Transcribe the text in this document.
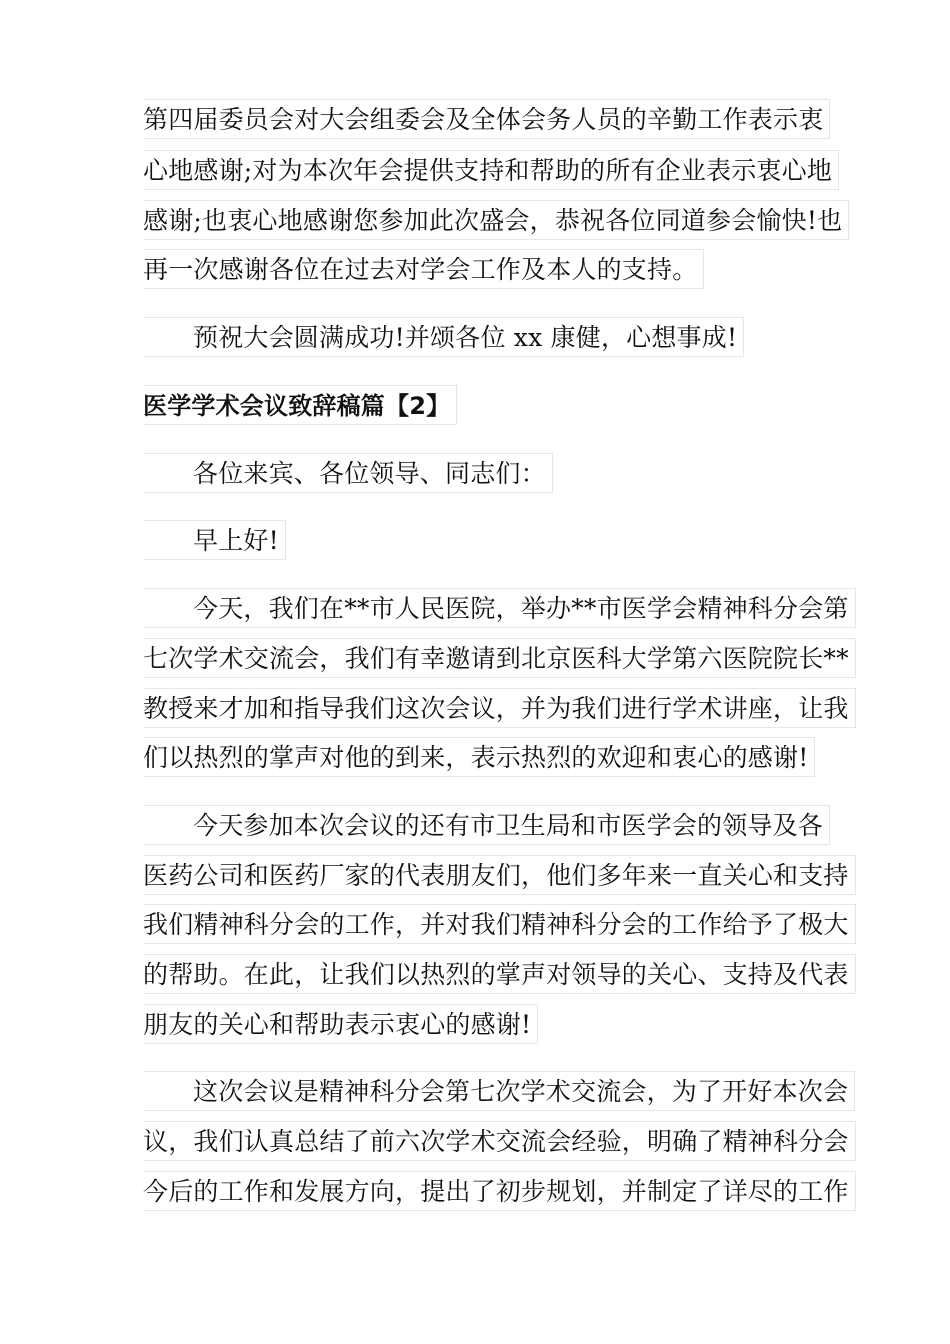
第四届委员会对大会组委会及全体会务人员的辛勤工作表示衷
心地感谢;对为本次年会提供支持和帮助的所有企业表示衷心地
感谢;也衷心地感谢您参加此次盛会，恭祝各位同道参会愉快!也
再一次感谢各位在过去对学会工作及本人的支持。
预祝大会圆满成功!并颂各位 xx 康健，心想事成!
医学学术会议致辞稿篇【2】
各位来宾、各位领导、同志们：
早上好!
今天，我们在**市人民医院，举办**市医学会精神科分会第
七次学术交流会，我们有幸邀请到北京医科大学第六医院院长**
教授来才加和指导我们这次会议，并为我们进行学术讲座，让我
们以热烈的掌声对他的到来，表示热烈的欢迎和衷心的感谢!
今天参加本次会议的还有市卫生局和市医学会的领导及各
医药公司和医药厂家的代表朋友们，他们多年来一直关心和支持
我们精神科分会的工作，并对我们精神科分会的工作给予了极大
的帮助。在此，让我们以热烈的掌声对领导的关心、支持及代表
朋友的关心和帮助表示衷心的感谢!
这次会议是精神科分会第七次学术交流会，为了开好本次会
议，我们认真总结了前六次学术交流会经验，明确了精神科分会
今后的工作和发展方向，提出了初步规划，并制定了详尽的工作
